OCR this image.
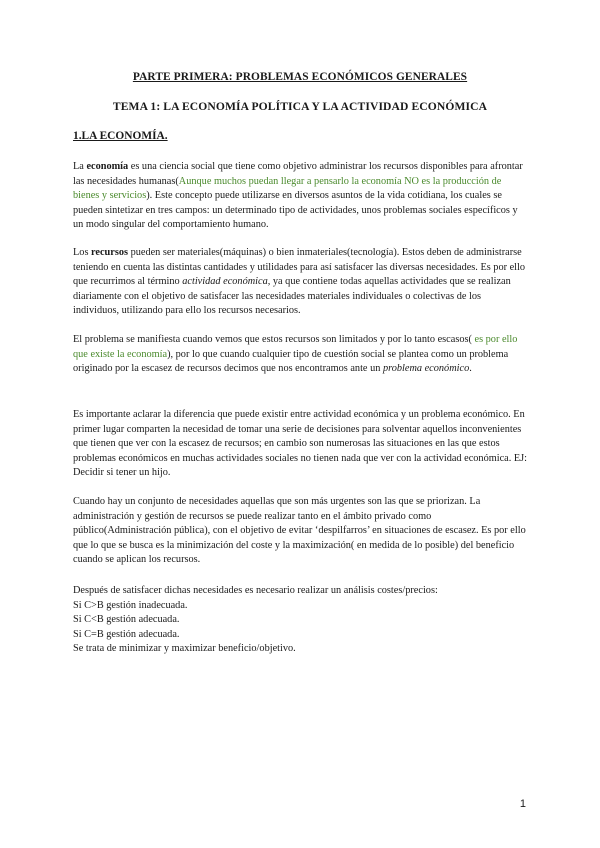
PARTE PRIMERA: PROBLEMAS ECONÓMICOS GENERALES
TEMA 1: LA ECONOMÍA POLÍTICA Y LA ACTIVIDAD ECONÓMICA
1.LA ECONOMÍA.

La economía es una ciencia social que tiene como objetivo administrar los recursos disponibles para afrontar las necesidades humanas(Aunque muchos puedan llegar a pensarlo la economía NO es la producción de bienes y servicios). Este concepto puede utilizarse en diversos asuntos de la vida cotidiana, los cuales se pueden sintetizar en tres campos: un determinado tipo de actividades, unos problemas sociales específicos y un modo singular del comportamiento humano.

Los recursos pueden ser materiales(máquinas) o bien inmateriales(tecnología). Estos deben de administrarse teniendo en cuenta las distintas cantidades y utilidades para así satisfacer las diversas necesidades. Es por ello que recurrimos al término actividad económica, ya que contiene todas aquellas actividades que se realizan diariamente con el objetivo de satisfacer las necesidades materiales individuales o colectivas de los individuos, utilizando para ello los recursos necesarios.

El problema se manifiesta cuando vemos que estos recursos son limitados y por lo tanto escasos( es por ello que existe la economía), por lo que cuando cualquier tipo de cuestión social se plantea como un problema originado por la escasez de recursos decimos que nos encontramos ante un problema económico.

Es importante aclarar la diferencia que puede existir entre actividad económica y un problema económico. En primer lugar comparten la necesidad de tomar una serie de decisiones para solventar aquellos inconvenientes que tienen que ver con la escasez de recursos; en cambio son numerosas las situaciones en las que estos problemas económicos en muchas actividades sociales no tienen nada que ver con la actividad económica. EJ: Decidir si tener un hijo.

Cuando hay un conjunto de necesidades aquellas que son más urgentes son las que se priorizan. La administración y gestión de recursos se puede realizar tanto en el ámbito privado como público(Administración pública), con el objetivo de evitar ‘despilfarros’ en situaciones de escasez. Es por ello que lo que se busca es la minimización del coste y la maximización( en medida de lo posible) del beneficio cuando se aplican los recursos.

Después de satisfacer dichas necesidades es necesario realizar un análisis costes/precios:
Si C>B gestión inadecuada.
Si C<B gestión adecuada.
Si C=B gestión adecuada.
Se trata de minimizar y maximizar beneficio/objetivo.

1
